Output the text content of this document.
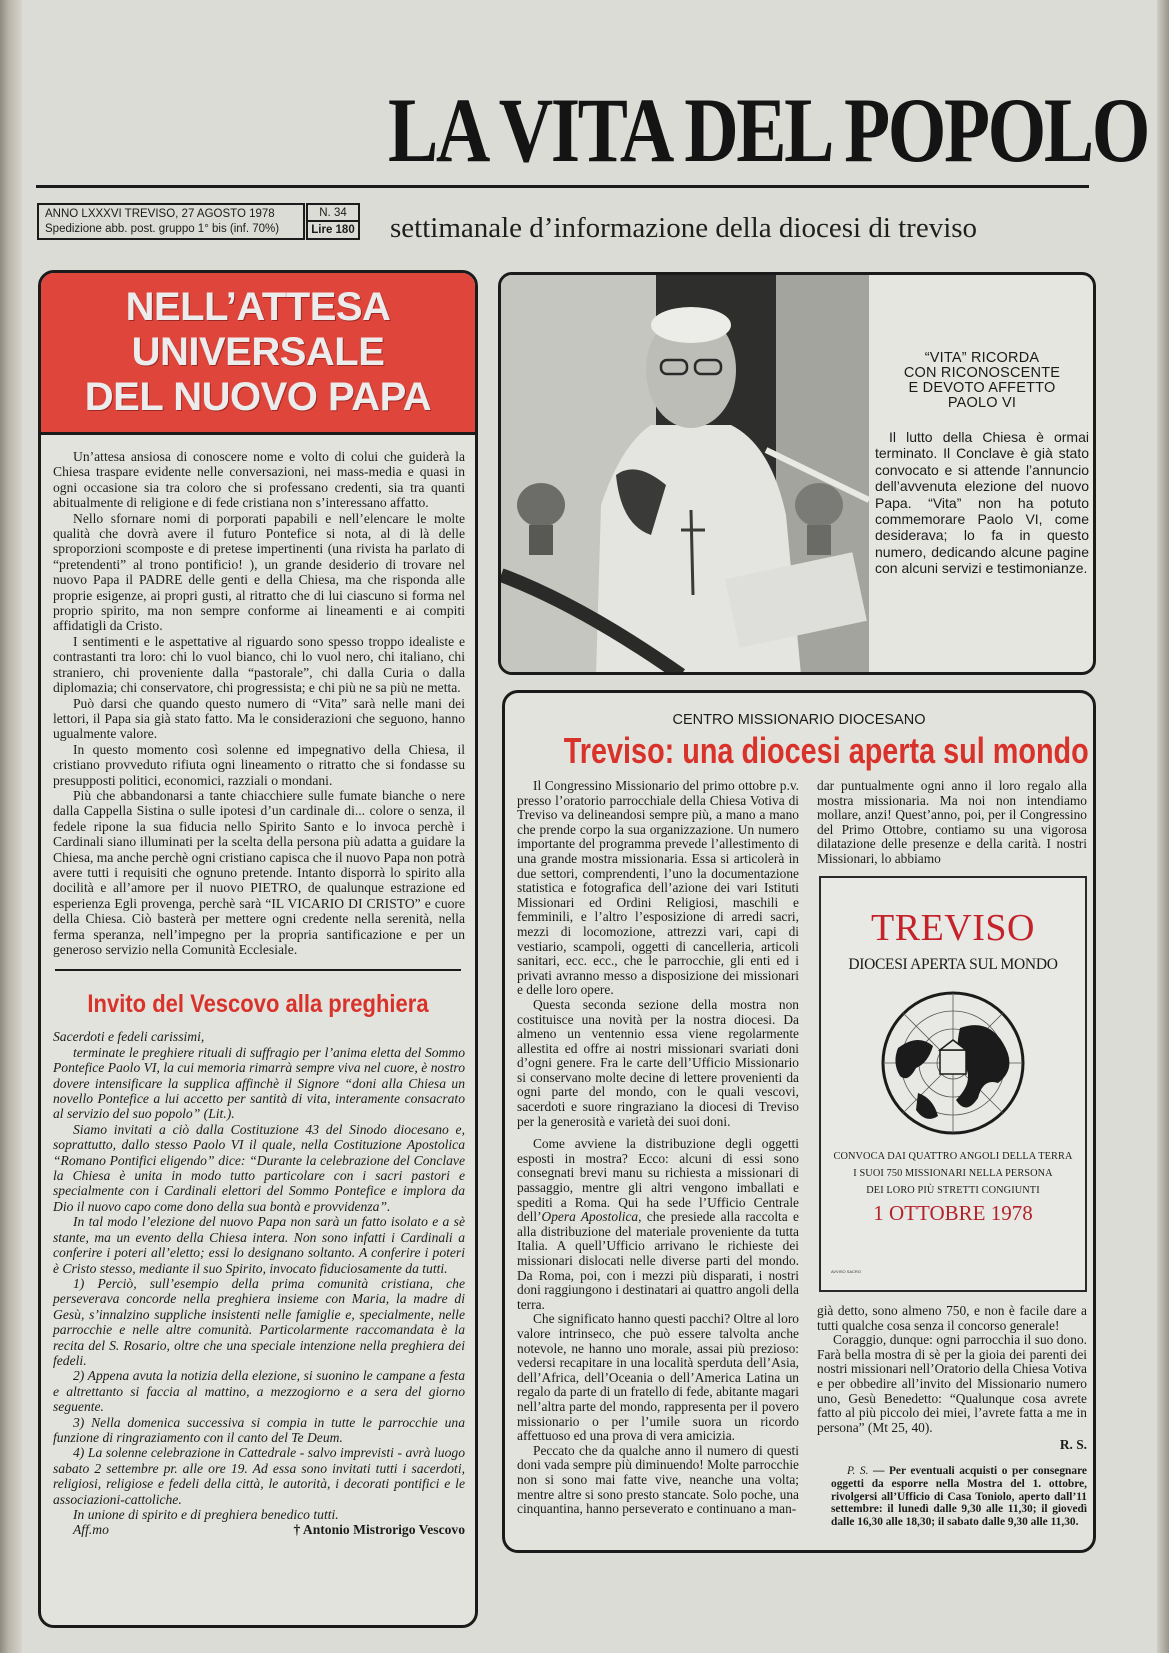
LA VITA DEL POPOLO
ANNO LXXXVI TREVISO, 27 AGOSTO 1978
Spedizione abb. post. gruppo 1° bis (inf. 70%)
N. 34
Lire 180 settimanale d’informazione della diocesi di treviso
NELL’ATTESA
UNIVERSALE
DEL NUOVO PAPA

Un’attesa ansiosa di conoscere nome e volto di colui che guiderà la Chiesa traspare evidente nelle conversazioni, nei mass-media e quasi in ogni occasione sia tra coloro che si professano credenti, sia tra quanti abitualmente di religione e di fede cristiana non s’interessano affatto.

Nello sfornare nomi di porporati papabili e nell’elencare le molte qualità che dovrà avere il futuro Pontefice si nota, al di là delle sproporzioni scomposte e di pretese impertinenti (una rivista ha parlato di “pretendenti” al trono pontificio! ), un grande desiderio di trovare nel nuovo Papa il PADRE delle genti e della Chiesa, ma che risponda alle proprie esigenze, ai propri gusti, al ritratto che di lui ciascuno si forma nel proprio spirito, ma non sempre conforme ai lineamenti e ai compiti affidatigli da Cristo.

I sentimenti e le aspettative al riguardo sono spesso troppo idealiste e contrastanti tra loro: chi lo vuol bianco, chi lo vuol nero, chi italiano, chi straniero, chi proveniente dalla “pastorale”, chi dalla Curia o dalla diplomazia; chi conservatore, chi progressista; e chi più ne sa più ne metta.

Può darsi che quando questo numero di “Vita” sarà nelle mani dei lettori, il Papa sia già stato fatto. Ma le considerazioni che seguono, hanno ugualmente valore.

In questo momento così solenne ed impegnativo della Chiesa, il cristiano provveduto rifiuta ogni lineamento o ritratto che si fondasse su presupposti politici, economici, razziali o mondani.

Più che abbandonarsi a tante chiacchiere sulle fumate bianche o nere dalla Cappella Sistina o sulle ipotesi d’un cardinale di... colore o senza, il fedele ripone la sua fiducia nello Spirito Santo e lo invoca perchè i Cardinali siano illuminati per la scelta della persona più adatta a guidare la Chiesa, ma anche perchè ogni cristiano capisca che il nuovo Papa non potrà avere tutti i requisiti che ognuno pretende. Intanto disporrà lo spirito alla docilità e all’amore per il nuovo PIETRO, de qualunque estrazione ed esperienza Egli provenga, perchè sarà “IL VICARIO DI CRISTO” e cuore della Chiesa. Ciò basterà per mettere ogni credente nella serenità, nella ferma speranza, nell’impegno per la propria santificazione e per un generoso servizio nella Comunità Ecclesiale.

Invito del Vescovo alla preghiera

Sacerdoti e fedeli carissimi,

terminate le preghiere rituali di suffragio per l’anima eletta del Sommo Pontefice Paolo VI, la cui memoria rimarrà sempre viva nel cuore, è nostro dovere intensificare la supplica affinchè il Signore “doni alla Chiesa un novello Pontefice a lui accetto per santità di vita, interamente consacrato al servizio del suo popolo” (Lit.).

Siamo invitati a ciò dalla Costituzione 43 del Sinodo diocesano e, soprattutto, dallo stesso Paolo VI il quale, nella Costituzione Apostolica “Romano Pontifici eligendo” dice: “Durante la celebrazione del Conclave la Chiesa è unita in modo tutto particolare con i sacri pastori e specialmente con i Cardinali elettori del Sommo Pontefice e implora da Dio il nuovo capo come dono della sua bontà e provvidenza”.

In tal modo l’elezione del nuovo Papa non sarà un fatto isolato e a sè stante, ma un evento della Chiesa intera. Non sono infatti i Cardinali a conferire i poteri all’eletto; essi lo designano soltanto. A conferire i poteri è Cristo stesso, mediante il suo Spirito, invocato fiduciosamente da tutti.

1) Perciò, sull’esempio della prima comunità cristiana, che perseverava concorde nella preghiera insieme con Maria, la madre di Gesù, s’innalzino suppliche insistenti nelle famiglie e, specialmente, nelle parrocchie e nelle altre comunità. Particolarmente raccomandata è la recita del S. Rosario, oltre che una speciale intenzione nella preghiera dei fedeli.

2) Appena avuta la notizia della elezione, si suonino le campane a festa e altrettanto si faccia al mattino, a mezzogiorno e a sera del giorno seguente.

3) Nella domenica successiva si compia in tutte le parrocchie una funzione di ringraziamento con il canto del Te Deum.

4) La solenne celebrazione in Cattedrale - salvo imprevisti - avrà luogo sabato 2 settembre pr. alle ore 19. Ad essa sono invitati tutti i sacerdoti, religiosi, religiose e fedeli della città, le autorità, i decorati pontifici e le associazioni-cattoliche.

In unione di spirito e di preghiera benedico tutti.

Aff.mo	† Antonio Mistrorigo Vescovo
“VITA” RICORDA
CON RICONOSCENTE
E DEVOTO AFFETTO
PAOLO VI

Il lutto della Chiesa è ormai terminato. Il Conclave è già stato convocato e si attende l’annuncio dell’avvenuta elezione del nuovo Papa. “Vita” non ha potuto commemorare Paolo VI, come desiderava; lo fa in questo numero, dedicando alcune pagine con alcuni servizi e testimonianze.

CENTRO MISSIONARIO DIOCESANO
Treviso: una diocesi aperta sul mondo

Il Congressino Missionario del primo ottobre p.v. presso l’oratorio parrocchiale della Chiesa Votiva di Treviso va delineandosi sempre più, a mano a mano che prende corpo la sua organizzazione. Un numero importante del programma prevede l’allestimento di una grande mostra missionaria. Essa si articolerà in due settori, comprendenti, l’uno la documentazione statistica e fotografica dell’azione dei vari Istituti Missionari ed Ordini Religiosi, maschili e femminili, e l’altro l’esposizione di arredi sacri, mezzi di locomozione, attrezzi vari, capi di vestiario, scampoli, oggetti di cancelleria, articoli sanitari, ecc. ecc., che le parrocchie, gli enti ed i privati avranno messo a disposizione dei missionari e delle loro opere.

Questa seconda sezione della mostra non costituisce una novità per la nostra diocesi. Da almeno un ventennio essa viene regolarmente allestita ed offre ai nostri missionari svariati doni d’ogni genere. Fra le carte dell’Ufficio Missionario si conservano molte decine di lettere provenienti da ogni parte del mondo, con le quali vescovi, sacerdoti e suore ringraziano la diocesi di Treviso per la generosità e varietà dei suoi doni.

Come avviene la distribuzione degli oggetti esposti in mostra? Ecco: alcuni di essi sono consegnati brevi manu su richiesta a missionari di passaggio, mentre gli altri vengono imballati e spediti a Roma. Qui ha sede l’Ufficio Centrale dell’Opera Apostolica, che presiede alla raccolta e alla distribuzione del materiale proveniente da tutta Italia. A quell’Ufficio arrivano le richieste dei missionari dislocati nelle diverse parti del mondo. Da Roma, poi, con i mezzi più disparati, i nostri doni raggiungono i destinatari ai quattro angoli della terra.

Che significato hanno questi pacchi? Oltre al loro valore intrinseco, che può essere talvolta anche notevole, ne hanno uno morale, assai più prezioso: vedersi recapitare in una località sperduta dell’Asia, dell’Africa, dell’Oceania o dell’America Latina un regalo da parte di un fratello di fede, abitante magari nell’altra parte del mondo, rappresenta per il povero missionario o per l’umile suora un ricordo affettuoso ed una prova di vera amicizia.

Peccato che da qualche anno il numero di questi doni vada sempre più diminuendo! Molte parrocchie non si sono mai fatte vive, neanche una volta; mentre altre si sono presto stancate. Solo poche, una cinquantina, hanno perseverato e continuano a man-

dar puntualmente ogni anno il loro regalo alla mostra missionaria. Ma noi non intendiamo mollare, anzi! Quest’anno, poi, per il Congressino del Primo Ottobre, contiamo su una vigorosa dilatazione delle presenze e della carità. I nostri Missionari, lo abbiamo

TREVISO
DIOCESI APERTA SUL MONDO
CONVOCA DAI QUATTRO ANGOLI DELLA TERRA
I SUOI 750 MISSIONARI NELLA PERSONA
DEI LORO PIÙ STRETTI CONGIUNTI
1 OTTOBRE 1978
AVVISO SACRO

già detto, sono almeno 750, e non è facile dare a tutti qualche cosa senza il concorso generale!

Coraggio, dunque: ogni parrocchia il suo dono. Farà bella mostra di sè per la gioia dei parenti dei nostri missionari nell’Oratorio della Chiesa Votiva e per obbedire all’invito del Missionario numero uno, Gesù Benedetto: “Qualunque cosa avrete fatto al più piccolo dei miei, l’avrete fatta a me in persona” (Mt 25, 40).

R. S.

P. S. — Per eventuali acquisti o per consegnare oggetti da esporre nella Mostra del 1. ottobre, rivolgersi all’Ufficio di Casa Toniolo, aperto dall’11 settembre: il lunedì dalle 9,30 alle 11,30; il giovedì dalle 16,30 alle 18,30; il sabato dalle 9,30 alle 11,30.
